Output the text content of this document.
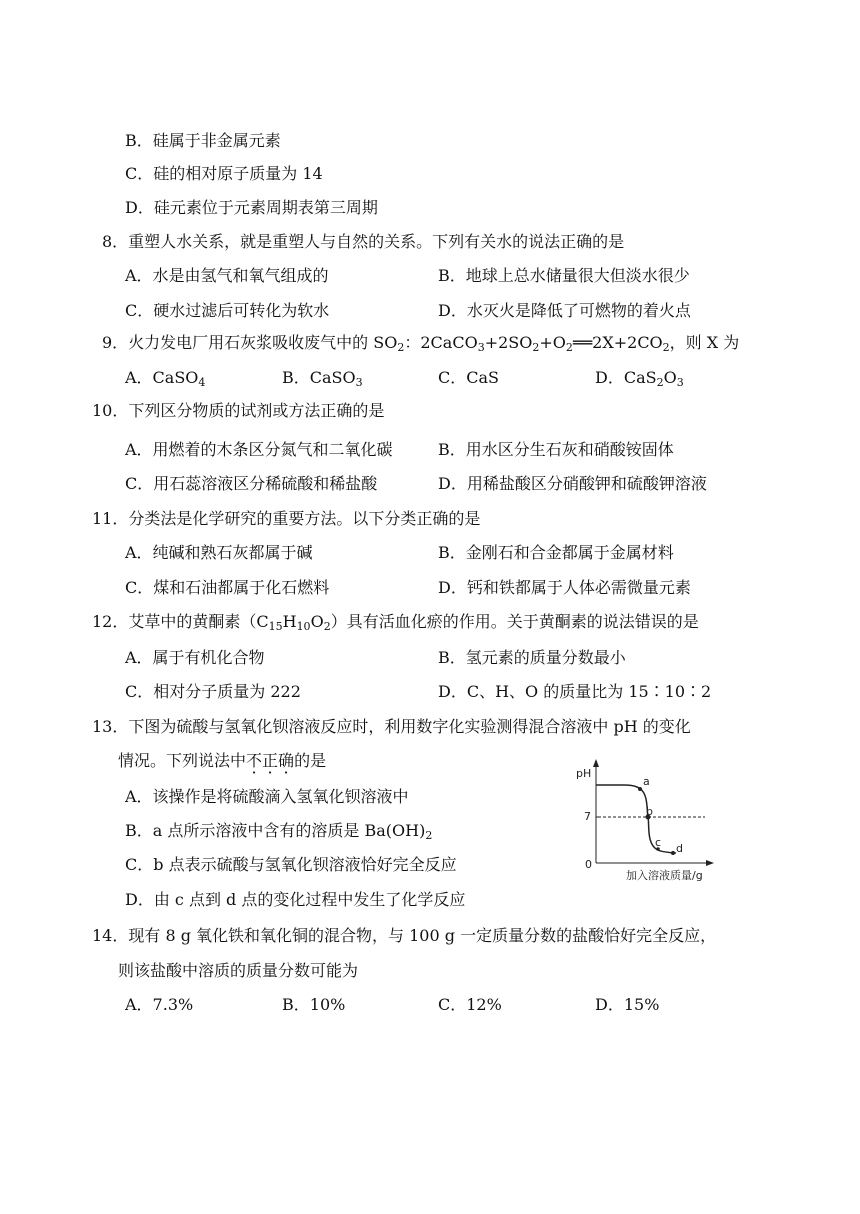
B．硅属于非金属元素
C．硅的相对原子质量为 14
D．硅元素位于元素周期表第三周期
8．重塑人水关系，就是重塑人与自然的关系。下列有关水的说法正确的是
A．水是由氢气和氧气组成的	B．地球上总水储量很大但淡水很少
C．硬水过滤后可转化为软水	D．水灭火是降低了可燃物的着火点
9．火力发电厂用石灰浆吸收废气中的 $SO_2$：$2CaCO_3+2SO_2+O_2══2X+2CO_2$，则 X 为
A．CaSO$_4$	B．CaSO$_3$	C．CaS	D．$CaS_2O_3$
10．下列区分物质的试剂或方法正确的是
A．用燃着的木条区分氮气和二氧化碳	B．用水区分生石灰和硝酸铵固体
C．用石蕊溶液区分稀硫酸和稀盐酸	D．用稀盐酸区分硝酸钾和硫酸钾溶液
11．分类法是化学研究的重要方法。以下分类正确的是
A．纯碱和熟石灰都属于碱	B．金刚石和合金都属于金属材料
C．煤和石油都属于化石燃料	D．钙和铁都属于人体必需微量元素
12．艾草中的黄酮素$(C_{15}H_{10}O_2)$具有活血化瘀的作用。关于黄酮素的说法错误的是
A．属于有机化合物	B．氢元素的质量分数最小
C．相对分子质量为 222	D．C、H、O 的质量比为 15∶10∶2
13．下图为硫酸与氢氧化钡溶液反应时，利用数字化实验测得混合溶液中 pH 的变化
情况。下列说法中不正确的是
A．该操作是将硫酸滴入氢氧化钡溶液中
B．a 点所示溶液中含有的溶质是 $Ba(OH)_2$
C．b 点表示硫酸与氢氧化钡溶液恰好完全反应
D．由 c 点到 d 点的变化过程中发生了化学反应
pH
7
0
a
b
c d
加入溶液质量/g
14．现有 8 g 氧化铁和氧化铜的混合物，与 100 g 一定质量分数的盐酸恰好完全反应，
则该盐酸中溶质的质量分数可能为
A．7.3%	B．10%	C．12%	D．15%
